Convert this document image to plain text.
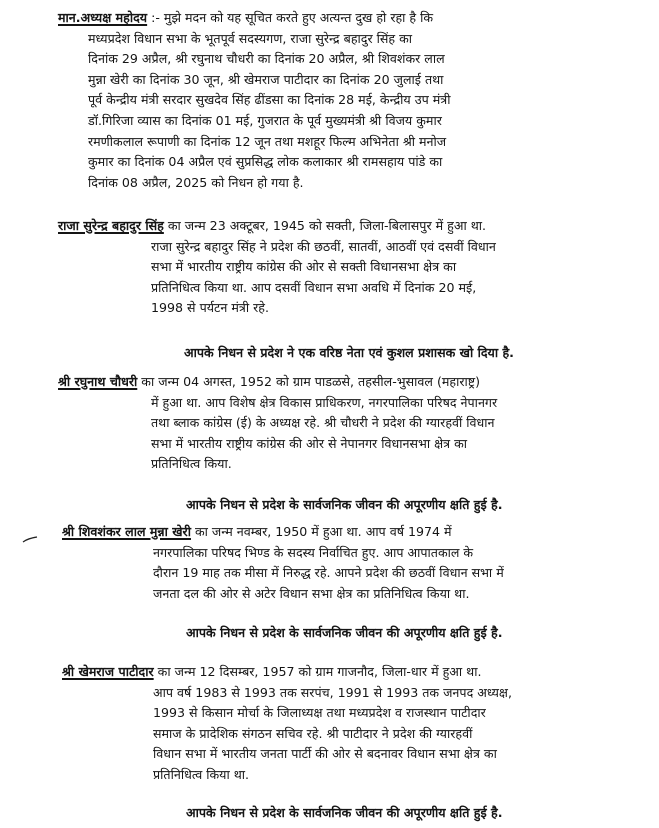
मान.अध्यक्ष महोदय :- मुझे मदन को यह सूचित करते हुए अत्यन्त दुख हो रहा है कि
मध्यप्रदेश विधान सभा के भूतपूर्व सदस्यगण, राजा सुरेन्द्र बहादुर सिंह का
दिनांक 29 अप्रैल, श्री रघुनाथ चौधरी का दिनांक 20 अप्रैल, श्री शिवशंकर लाल
मुन्ना खेरी का दिनांक 30 जून, श्री खेमराज पाटीदार का दिनांक 20 जुलाई तथा
पूर्व केन्द्रीय मंत्री सरदार सुखदेव सिंह ढींडसा का दिनांक 28 मई, केन्द्रीय उप मंत्री
डॉ.गिरिजा व्यास का दिनांक 01 मई, गुजरात के पूर्व मुख्यमंत्री श्री विजय कुमार
रमणीकलाल रूपाणी का दिनांक 12 जून तथा मशहूर फिल्म अभिनेता श्री मनोज
कुमार का दिनांक 04 अप्रैल एवं सुप्रसिद्ध लोक कलाकार श्री रामसहाय पांडे का
दिनांक 08 अप्रैल, 2025 को निधन हो गया है.
राजा सुरेन्द्र बहादुर सिंह का जन्म 23 अक्टूबर, 1945 को सक्ती, जिला-बिलासपुर में हुआ था.
राजा सुरेन्द्र बहादुर सिंह ने प्रदेश की छठवीं, सातवीं, आठवीं एवं दसवीं विधान
सभा में भारतीय राष्ट्रीय कांग्रेस की ओर से सक्ती विधानसभा क्षेत्र का
प्रतिनिधित्व किया था. आप दसवीं विधान सभा अवधि में दिनांक 20 मई,
1998 से पर्यटन मंत्री रहे.
आपके निधन से प्रदेश ने एक वरिष्ठ नेता एवं कुशल प्रशासक खो दिया है.
श्री रघुनाथ चौधरी का जन्म 04 अगस्त, 1952 को ग्राम पाडळसे, तहसील-भुसावल (महाराष्ट्र)
में हुआ था. आप विशेष क्षेत्र विकास प्राधिकरण, नगरपालिका परिषद नेपानगर
तथा ब्लाक कांग्रेस (ई) के अध्यक्ष रहे. श्री चौधरी ने प्रदेश की ग्यारहवीं विधान
सभा में भारतीय राष्ट्रीय कांग्रेस की ओर से नेपानगर विधानसभा क्षेत्र का
प्रतिनिधित्व किया.
आपके निधन से प्रदेश के सार्वजनिक जीवन की अपूरणीय क्षति हुई है.
श्री शिवशंकर लाल मुन्ना खेरी का जन्म नवम्बर, 1950 में हुआ था. आप वर्ष 1974 में
नगरपालिका परिषद भिण्ड के सदस्य निर्वाचित हुए. आप आपातकाल के
दौरान 19 माह तक मीसा में निरुद्ध रहे. आपने प्रदेश की छठवीं विधान सभा में
जनता दल की ओर से अटेर विधान सभा क्षेत्र का प्रतिनिधित्व किया था.
आपके निधन से प्रदेश के सार्वजनिक जीवन की अपूरणीय क्षति हुई है.
श्री खेमराज पाटीदार का जन्म 12 दिसम्बर, 1957 को ग्राम गाजनौद, जिला-धार में हुआ था.
आप वर्ष 1983 से 1993 तक सरपंच, 1991 से 1993 तक जनपद अध्यक्ष,
1993 से किसान मोर्चा के जिलाध्यक्ष तथा मध्यप्रदेश व राजस्थान पाटीदार
समाज के प्रादेशिक संगठन सचिव रहे. श्री पाटीदार ने प्रदेश की ग्यारहवीं
विधान सभा में भारतीय जनता पार्टी की ओर से बदनावर विधान सभा क्षेत्र का
प्रतिनिधित्व किया था.
आपके निधन से प्रदेश के सार्वजनिक जीवन की अपूरणीय क्षति हुई है.
